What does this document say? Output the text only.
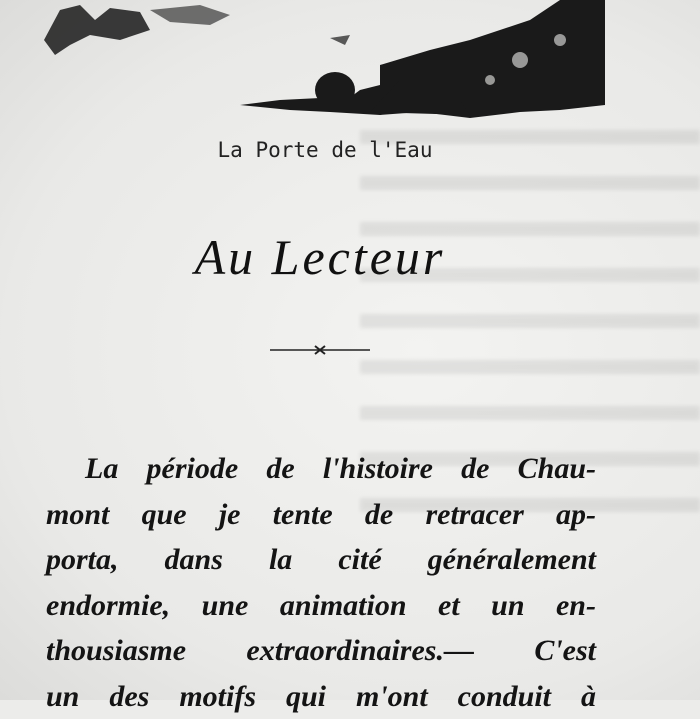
La Porte de l'Eau
Au Lecteur
La période de l'histoire de Chau-
mont que je tente de retracer ap-
porta, dans la cité généralement
endormie, une animation et un en-
thousiasme extraordinaires.— C'est
un des motifs qui m'ont conduit à
